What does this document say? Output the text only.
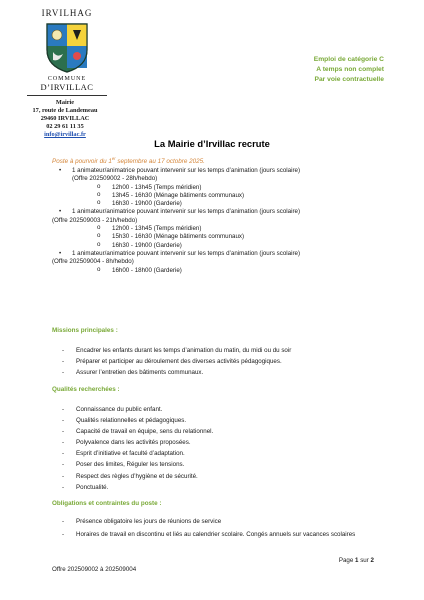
IRVILHAG
COMMUNE
D’IRVILLAC
Mairie
17, route de Landemeau
29460 IRVILLAC
02 29 61 11 35
info@irvillac.fr
Emploi de catégorie C
A temps non complet
Par voie contractuelle
La Mairie d’Irvillac recrute
Poste à pourvoir du 1er septembre au 17 octobre 2025.
• 1 animateur/animatrice pouvant intervenir sur les temps d’animation (jours scolaire)
(Offre 202509002 - 28h/hebdo)
o 12h00 - 13h45 (Temps méridien)
o 13h45 - 16h30 (Ménage bâtiments communaux)
o 16h30 - 19h00 (Garderie)
• 1 animateur/animatrice pouvant intervenir sur les temps d’animation (jours scolaire)
(Offre 202509003 - 21h/hebdo)
o 12h00 - 13h45 (Temps méridien)
o 15h30 - 16h30 (Ménage bâtiments communaux)
o 16h30 - 19h00 (Garderie)
• 1 animateur/animatrice pouvant intervenir sur les temps d’animation (jours scolaire)
(Offre 202509004 - 8h/hebdo)
o 16h00 - 18h00 (Garderie)
Missions principales :
- Encadrer les enfants durant les temps d’animation du matin, du midi ou du soir
- Préparer et participer au déroulement des diverses activités pédagogiques.
- Assurer l’entretien des bâtiments communaux.
Qualités recherchées :
- Connaissance du public enfant.
- Qualités relationnelles et pédagogiques.
- Capacité de travail en équipe, sens du relationnel.
- Polyvalence dans les activités proposées.
- Esprit d’initiative et faculté d’adaptation.
- Poser des limites, Réguler les tensions.
- Respect des règles d’hygiène et de sécurité.
- Ponctualité.
Obligations et contraintes du poste :
- Présence obligatoire les jours de réunions de service
- Horaires de travail en discontinu et liés au calendrier scolaire. Congés annuels sur vacances scolaires
Page 1 sur 2
Offre 202509002 à 202509004
